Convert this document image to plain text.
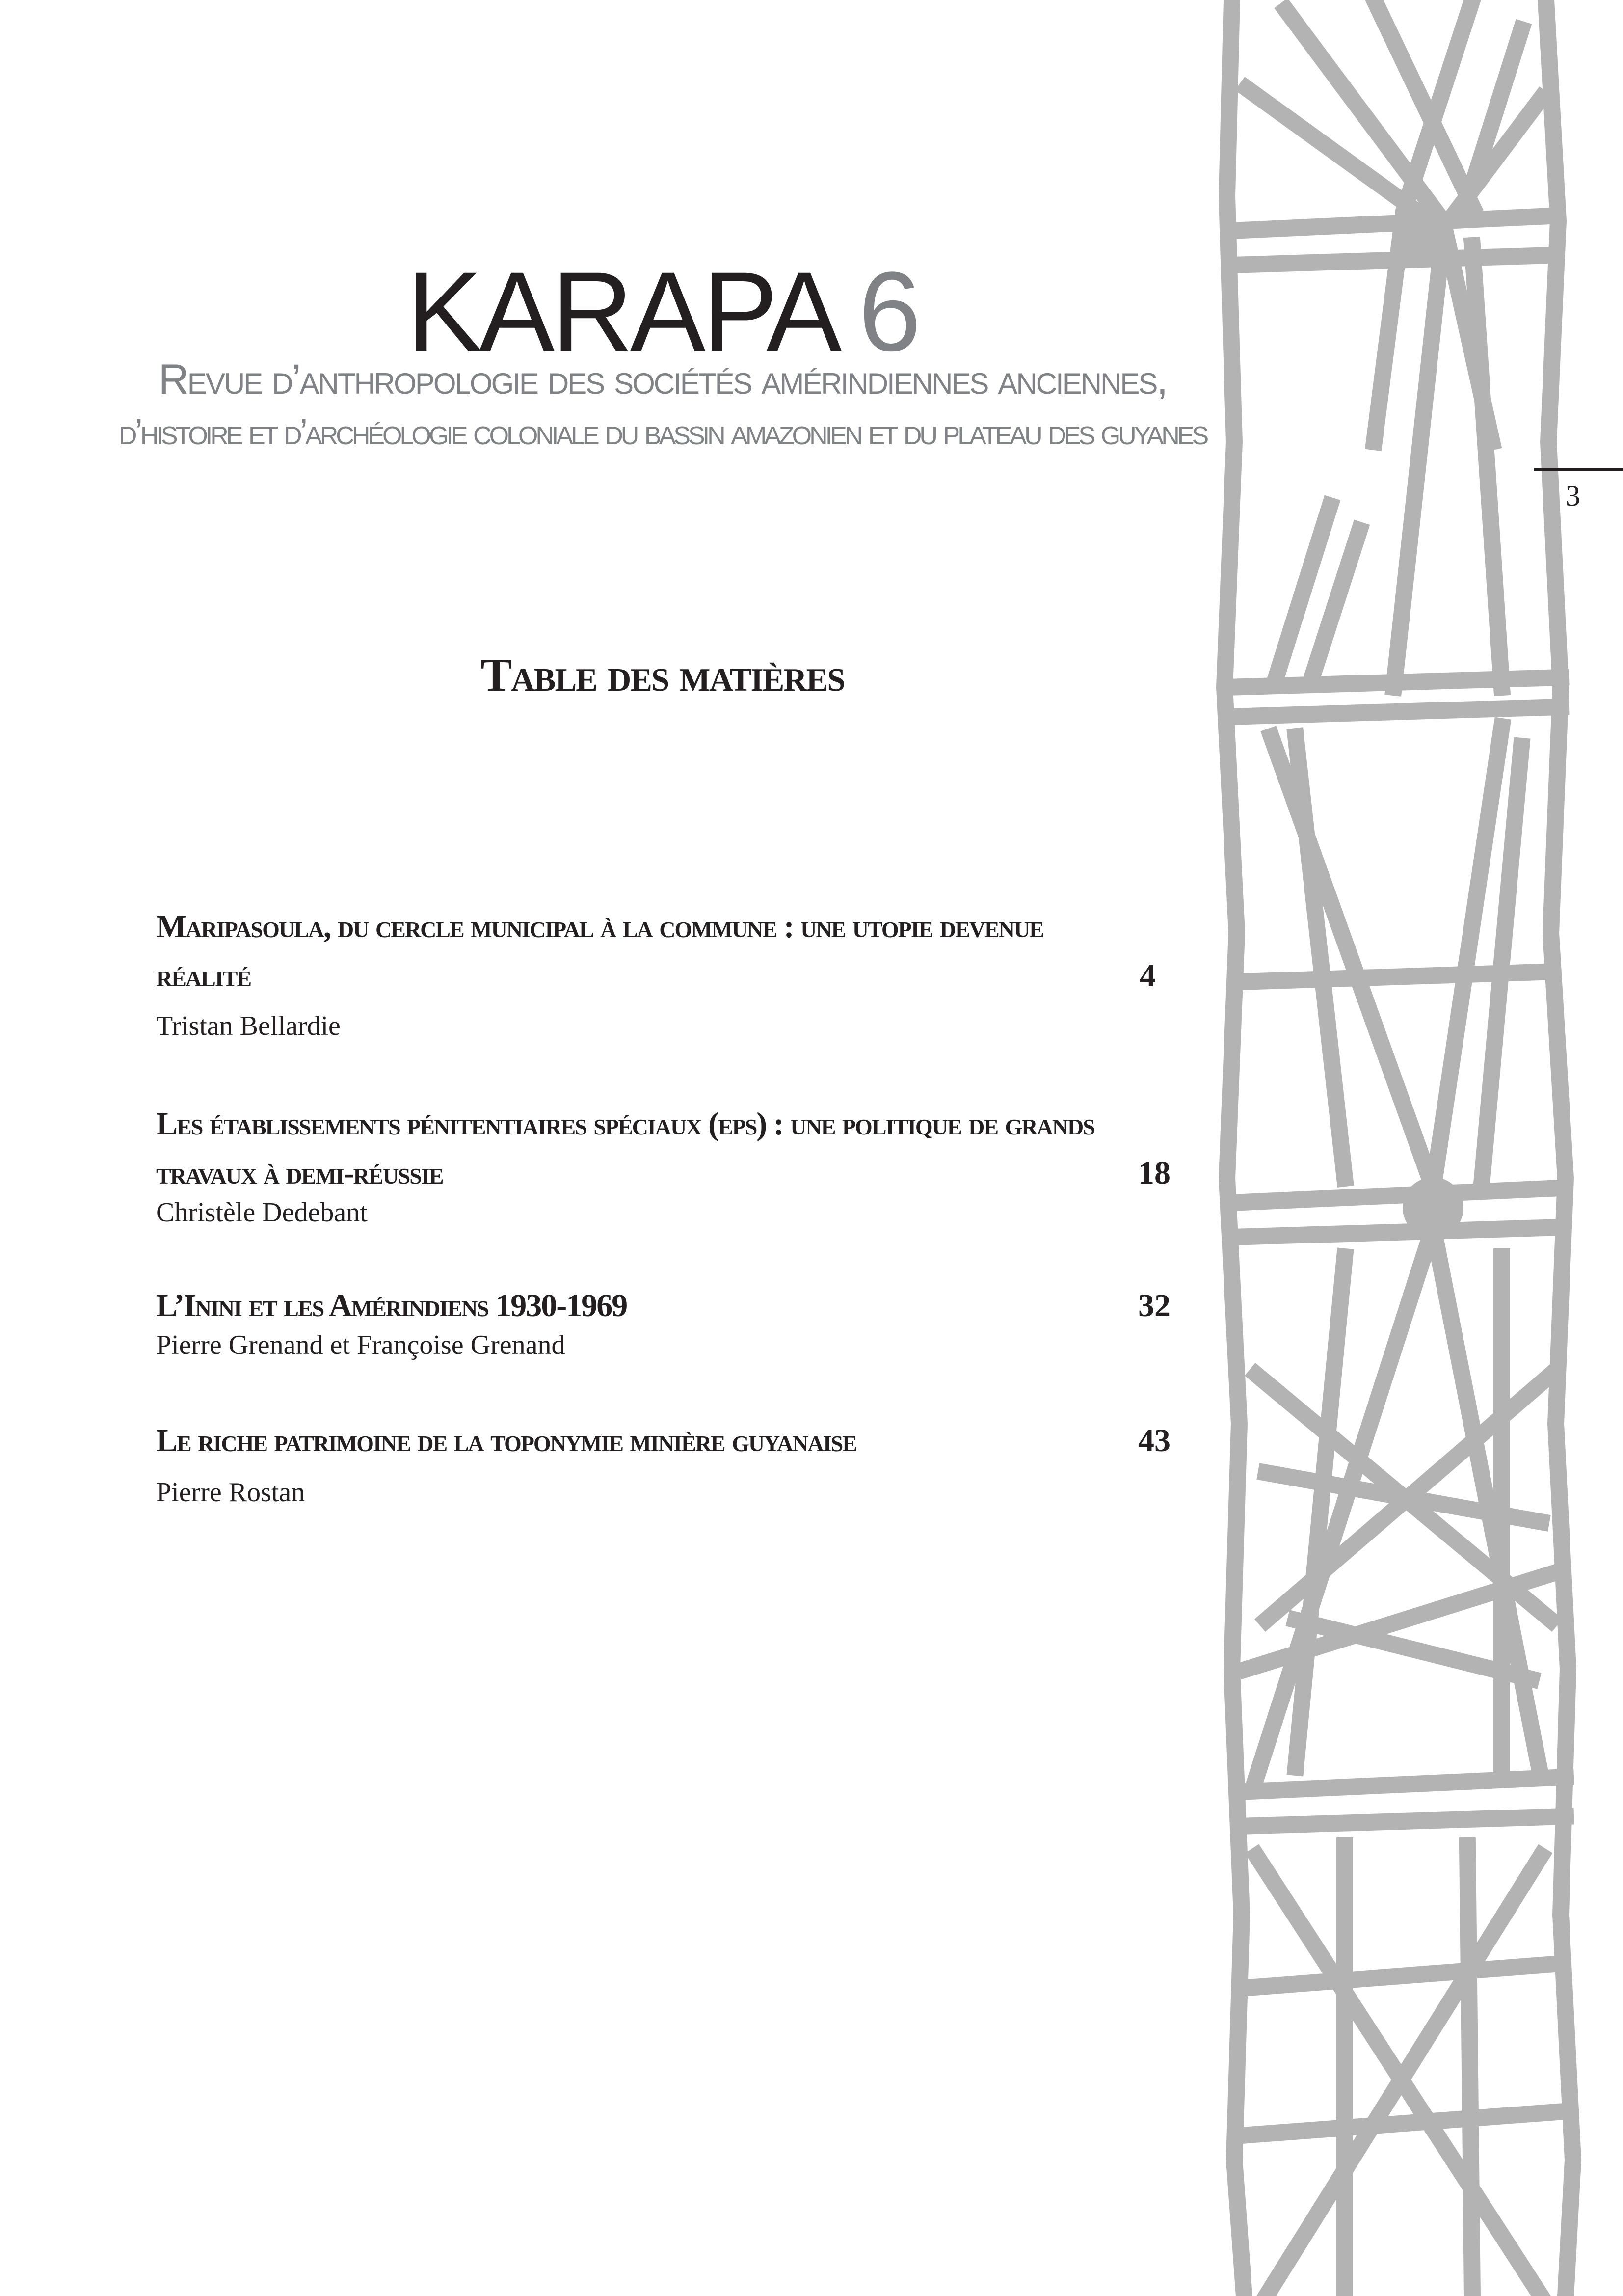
KARAPA 6
Revue d’anthropologie des sociétés amérindiennes anciennes,
d’histoire et d’archéologie coloniale du bassin amazonien et du plateau des guyanes
3
Table des matières
Maripasoula, du cercle municipal à la commune : une utopie devenue
réalité	4
Tristan Bellardie
Les établissements pénitentiaires spéciaux (eps) : une politique de grands
travaux à demi-réussie	18
Christèle Dedebant
L’Inini et les Amérindiens 1930-1969	32
Pierre Grenand et Françoise Grenand
Le riche patrimoine de la toponymie minière guyanaise	43
Pierre Rostan
